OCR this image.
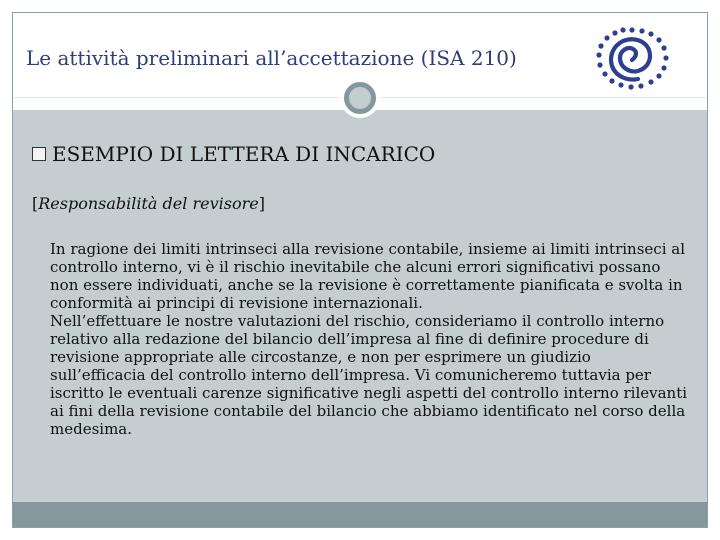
Le attività preliminari all’accettazione (ISA 210)
ESEMPIO DI LETTERA DI INCARICO
[Responsabilità del revisore]

In ragione dei limiti intrinseci alla revisione contabile, insieme ai limiti intrinseci al controllo interno, vi è il rischio inevitabile che alcuni errori significativi possano non essere individuati, anche se la revisione è correttamente pianificata e svolta in conformità ai principi di revisione internazionali.

Nell’effettuare le nostre valutazioni del rischio, consideriamo il controllo interno relativo alla redazione del bilancio dell’impresa al fine di definire procedure di revisione appropriate alle circostanze, e non per esprimere un giudizio sull’efficacia del controllo interno dell’impresa. Vi comunicheremo tuttavia per iscritto le eventuali carenze significative negli aspetti del controllo interno rilevanti ai fini della revisione contabile del bilancio che abbiamo identificato nel corso della medesima.
